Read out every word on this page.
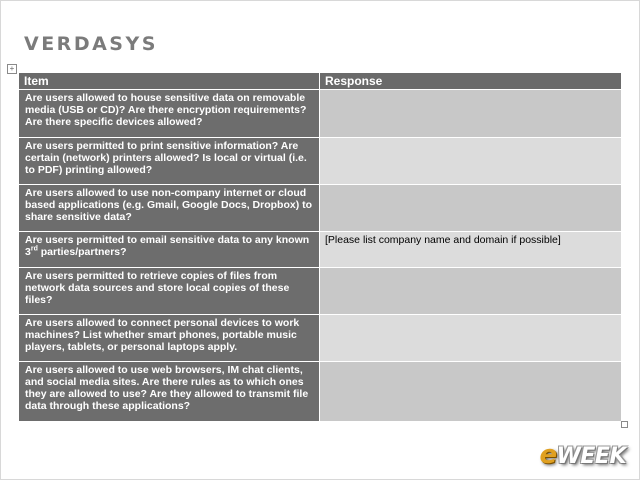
VERDASYS
+
Item	Response
Are users allowed to house sensitive data on removable media (USB or CD)? Are there encryption requirements? Are there specific devices allowed?	
Are users permitted to print sensitive information? Are certain (network) printers allowed? Is local or virtual (i.e. to PDF) printing allowed?	
Are users allowed to use non-company internet or cloud based applications (e.g. Gmail, Google Docs, Dropbox) to share sensitive data?	
Are users permitted to email sensitive data to any known 3rd parties/partners?	[Please list company name and domain if possible]
Are users permitted to retrieve copies of files from network data sources and store local copies of these files?	
Are users allowed to connect personal devices to work machines? List whether smart phones, portable music players, tablets, or personal laptops apply.	
Are users allowed to use web browsers, IM chat clients, and social media sites. Are there rules as to which ones they are allowed to use? Are they allowed to transmit file data through these applications?	
eWEEK
